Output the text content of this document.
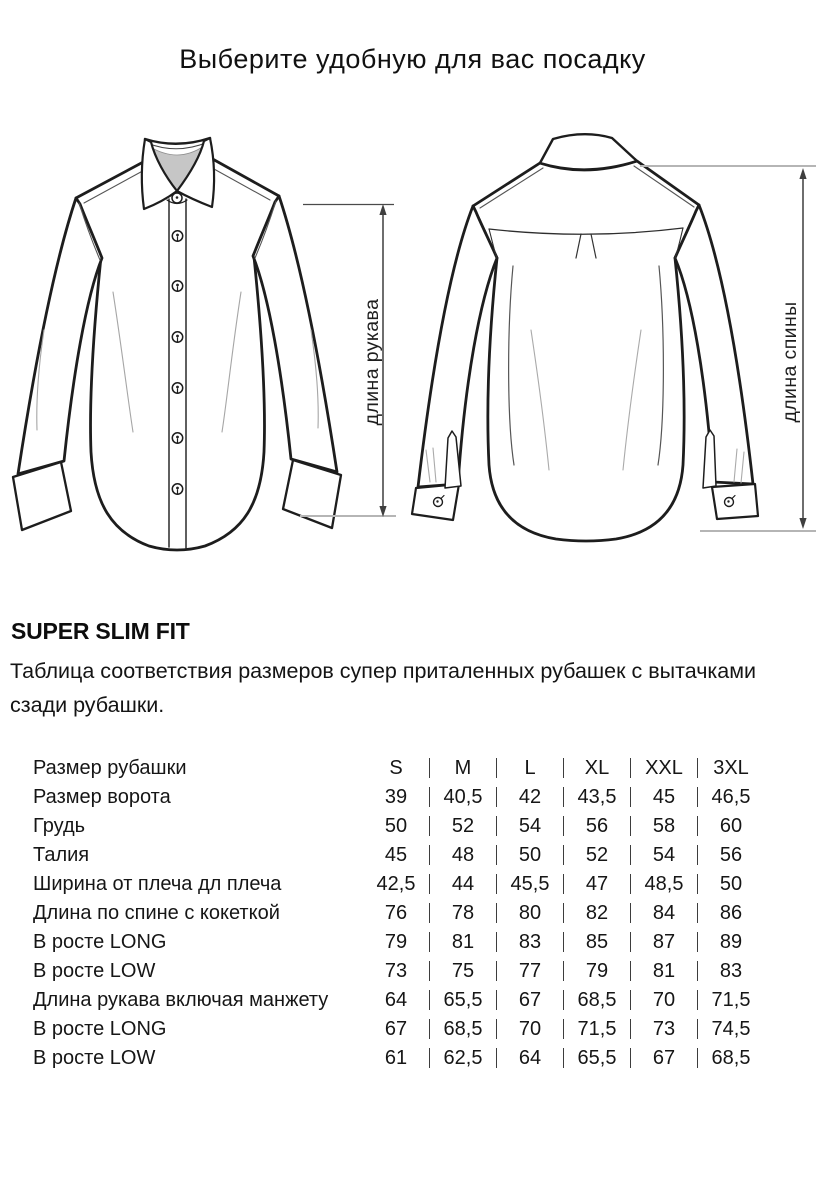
Выберите удобную для вас посадку
длина рукава	длина спины
SUPER SLIM FIT

Таблица соответствия размеров супер приталенных рубашек с вытачками сзади рубашки.

Размер рубашки	S	M	L	XL	XXL	3XL
Размер ворота	39	40,5	42	43,5	45	46,5
Грудь	50	52	54	56	58	60
Талия	45	48	50	52	54	56
Ширина от плеча дл плеча	42,5	44	45,5	47	48,5	50
Длина по спине с кокеткой	76	78	80	82	84	86
В росте LONG	79	81	83	85	87	89
В росте LOW	73	75	77	79	81	83
Длина рукава включая манжету	64	65,5	67	68,5	70	71,5
В росте LONG	67	68,5	70	71,5	73	74,5
В росте LOW	61	62,5	64	65,5	67	68,5
